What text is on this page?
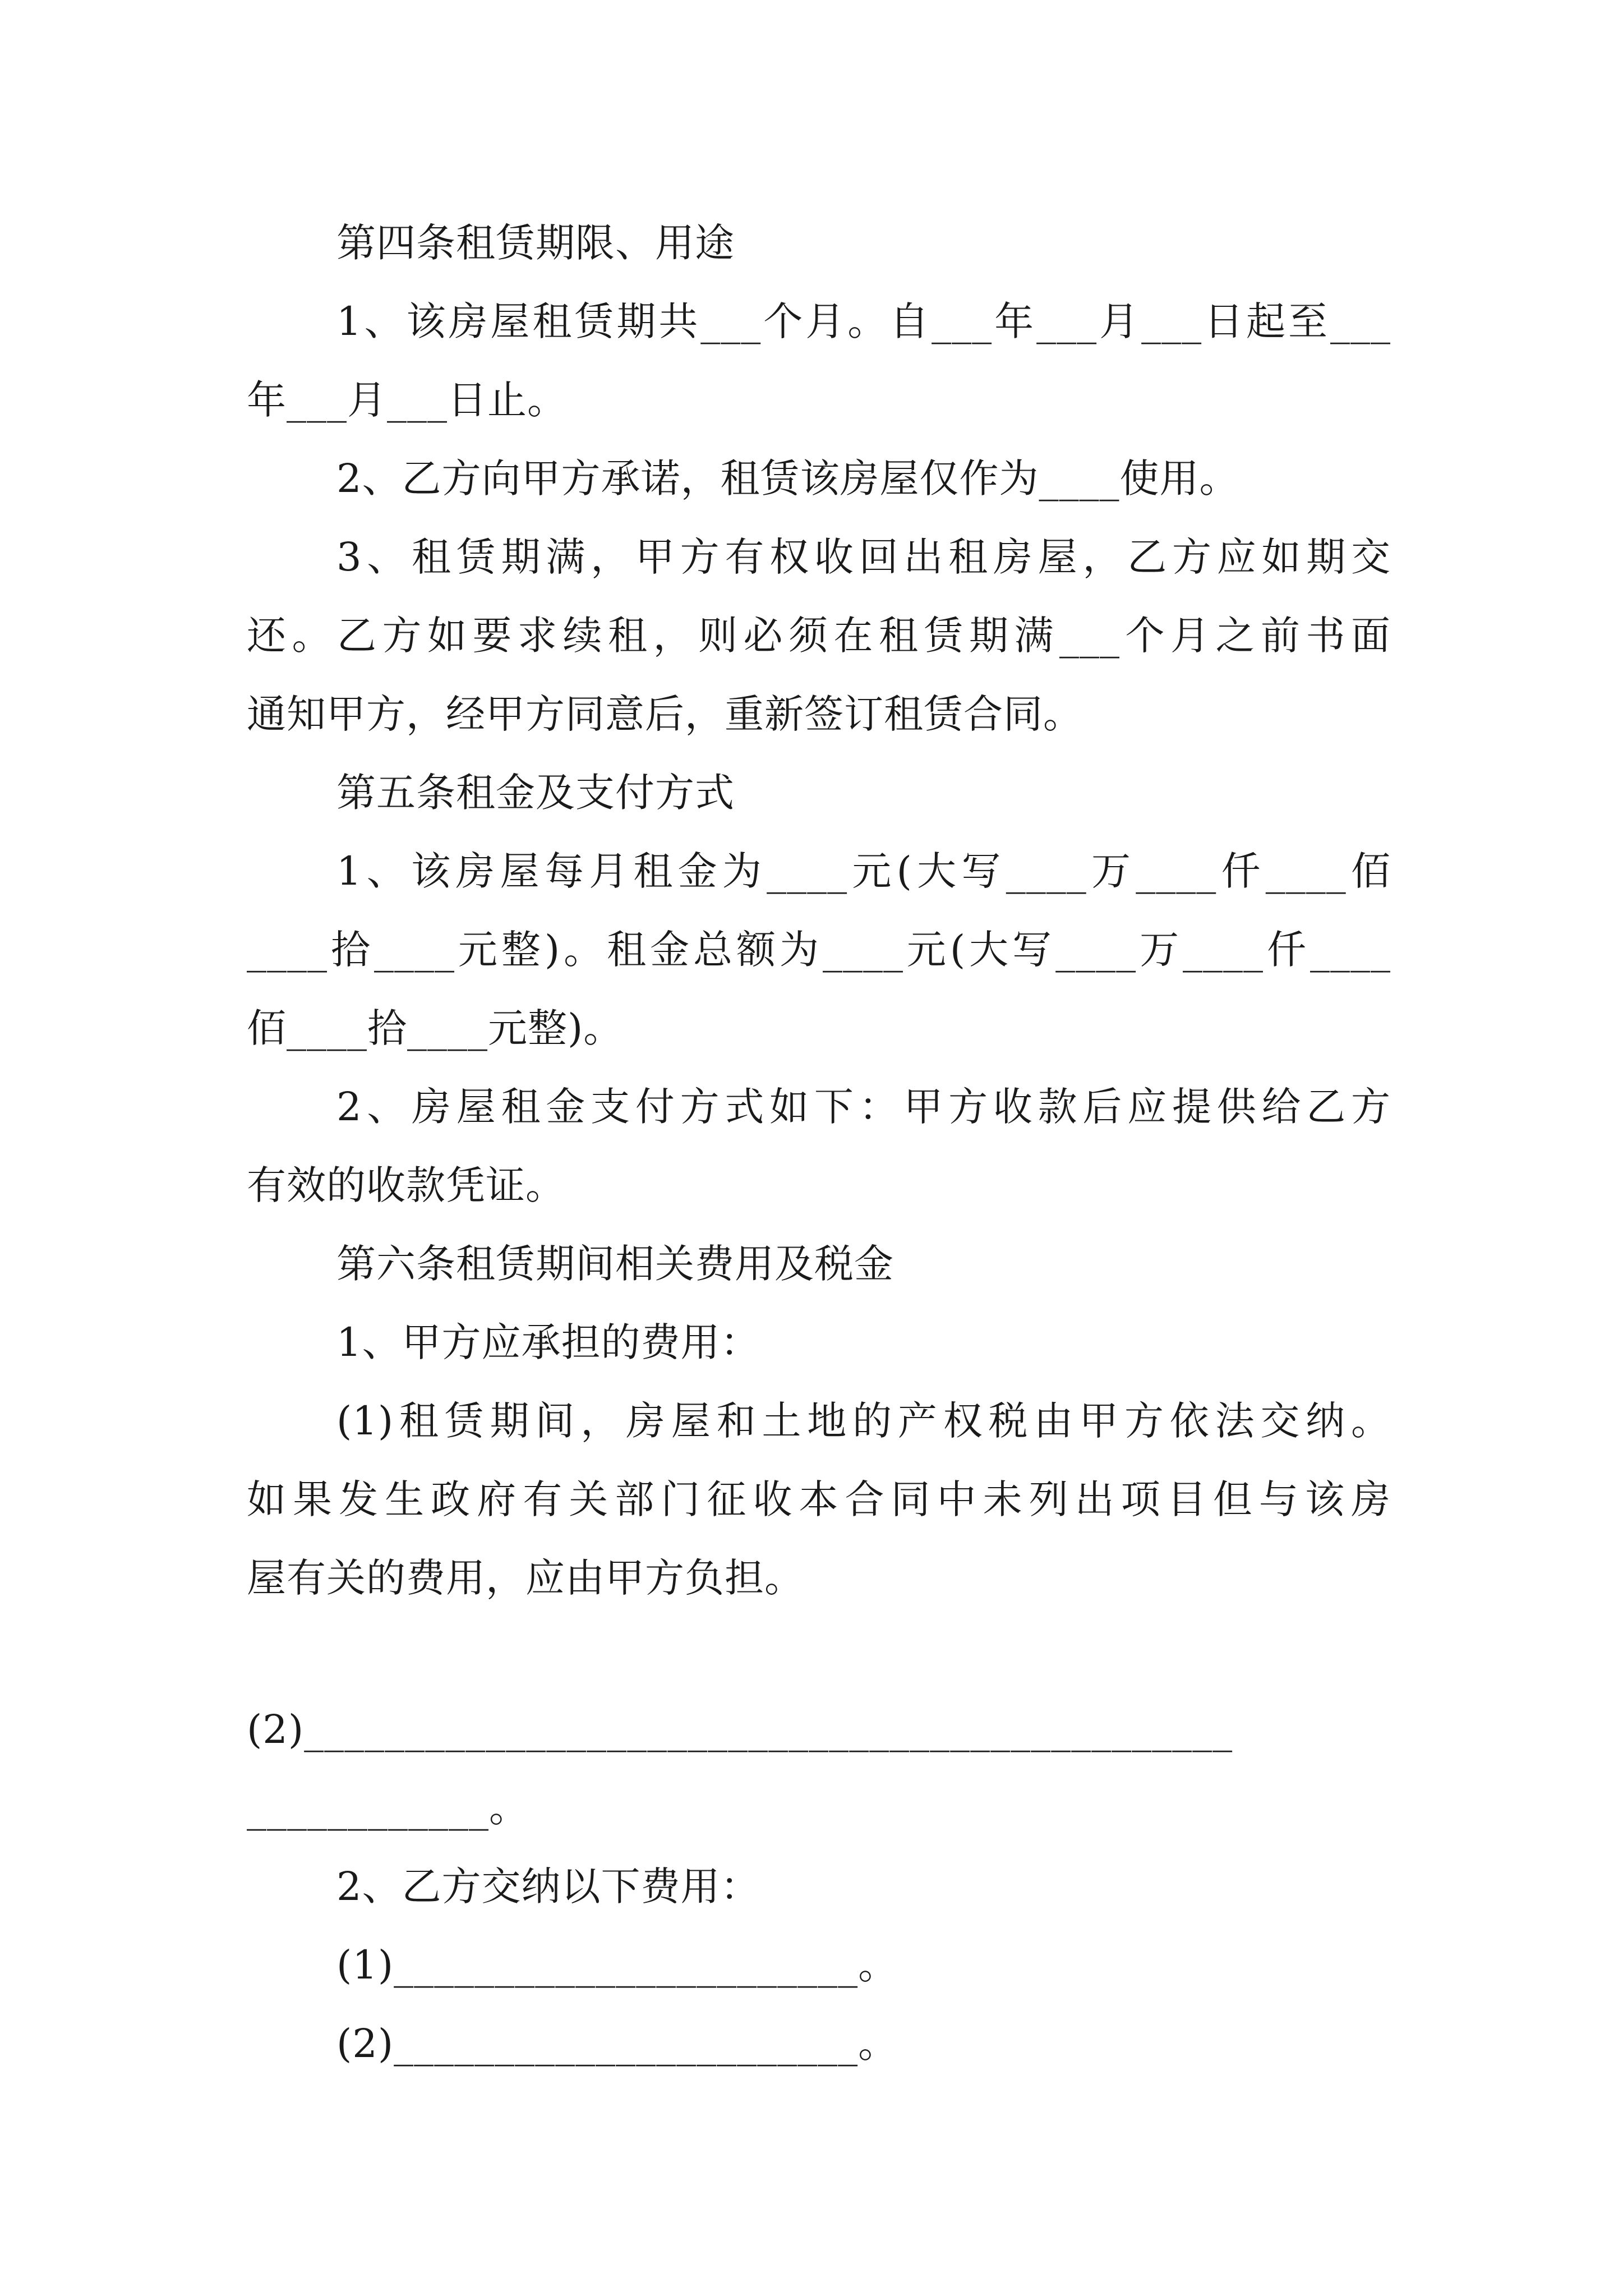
第四条租赁期限、用途
1、该房屋租赁期共___个月。自___年___月___日起至___
年___月___日止。
2、乙方向甲方承诺，租赁该房屋仅作为____使用。
3、租赁期满，甲方有权收回出租房屋，乙方应如期交
还。乙方如要求续租，则必须在租赁期满___个月之前书面
通知甲方，经甲方同意后，重新签订租赁合同。
第五条租金及支付方式
1、该房屋每月租金为____元(大写____万____仟____佰
____拾____元整)。租金总额为____元(大写____万____仟____
佰____拾____元整)。
2、房屋租金支付方式如下：甲方收款后应提供给乙方
有效的收款凭证。
第六条租赁期间相关费用及税金
1、甲方应承担的费用：
(1)租赁期间，房屋和土地的产权税由甲方依法交纳。
如果发生政府有关部门征收本合同中未列出项目但与该房
屋有关的费用，应由甲方负担。
(2)______________________________________________
____________。
2、乙方交纳以下费用：
(1)_______________________。
(2)_______________________。
